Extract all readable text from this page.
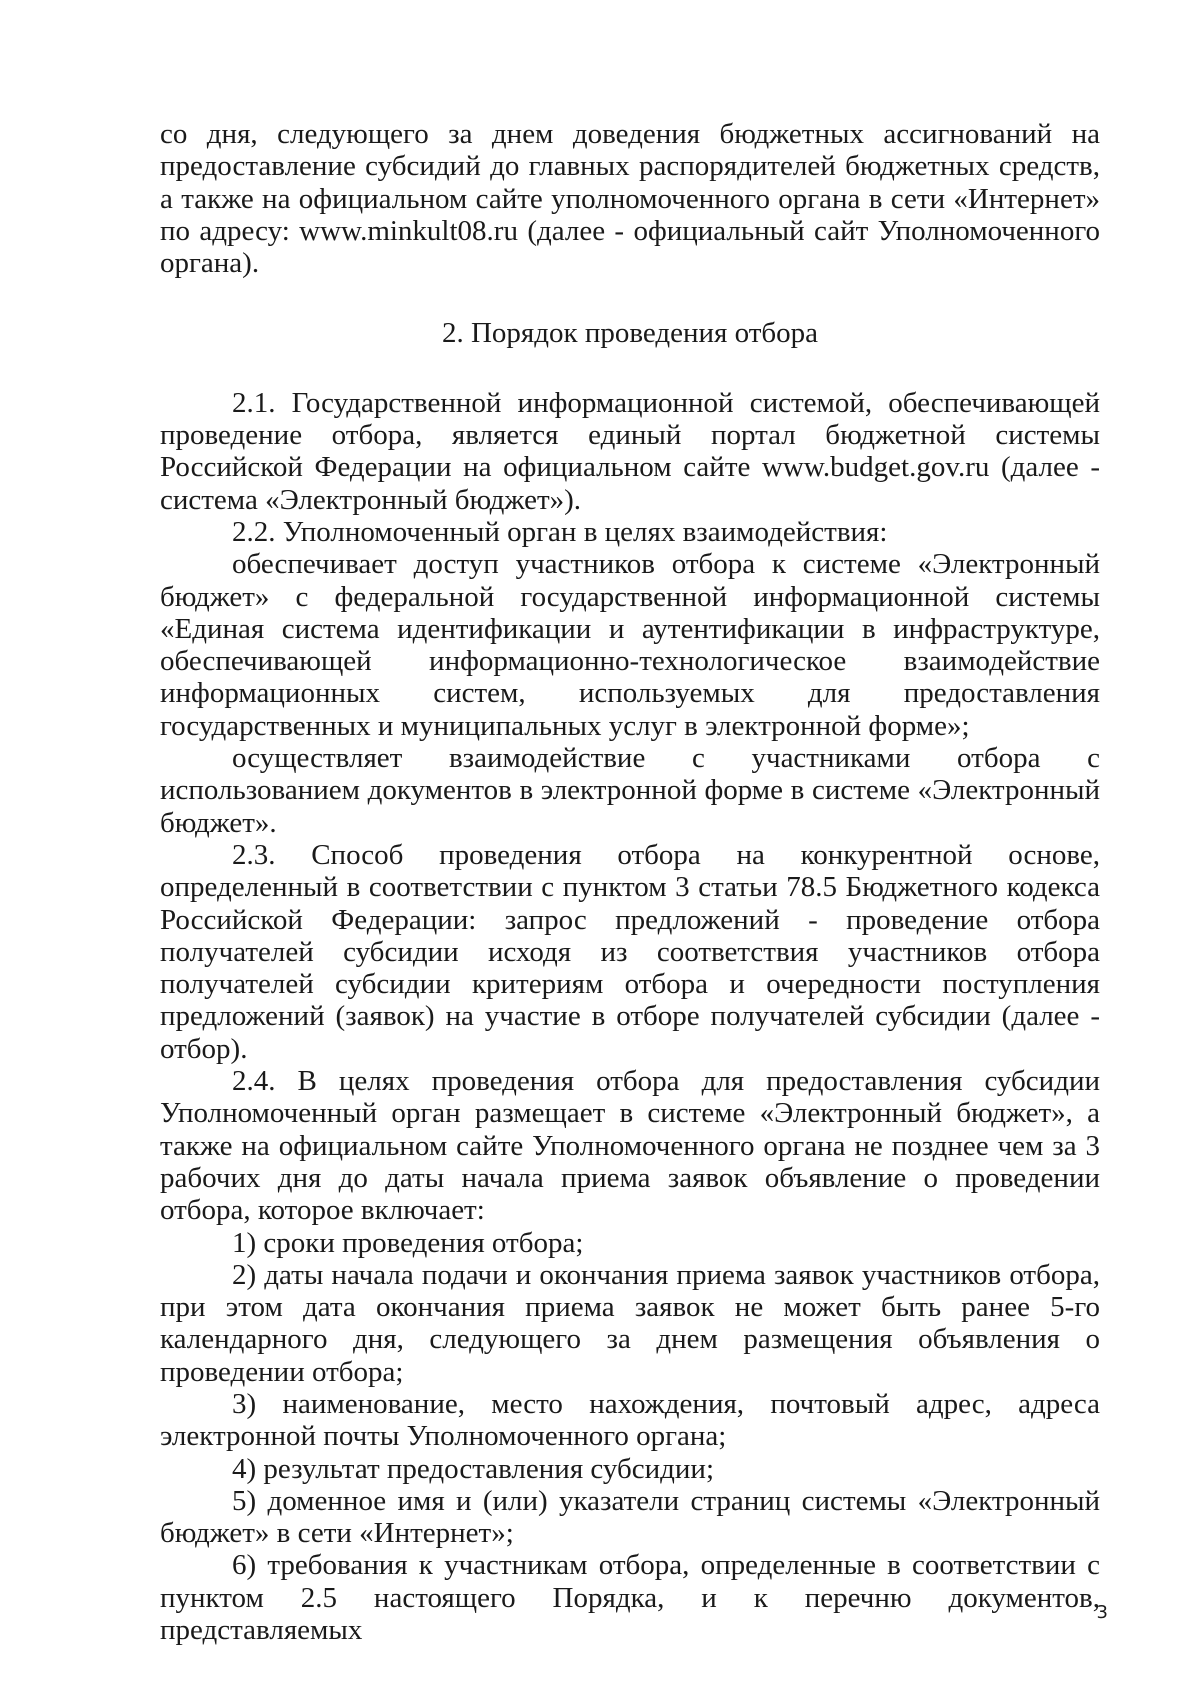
со дня, следующего за днем доведения бюджетных ассигнований на предоставление субсидий до главных распорядителей бюджетных средств, а также на официальном сайте уполномоченного органа в сети «Интернет» по адресу: www.minkult08.ru (далее - официальный сайт Уполномоченного органа).

2. Порядок проведения отбора

2.1. Государственной информационной системой, обеспечивающей проведение отбора, является единый портал бюджетной системы Российской Федерации на официальном сайте www.budget.gov.ru (далее - система «Электронный бюджет»).

2.2. Уполномоченный орган в целях взаимодействия:

обеспечивает доступ участников отбора к системе «Электронный бюджет» с федеральной государственной информационной системы «Единая система идентификации и аутентификации в инфраструктуре, обеспечивающей информационно-технологическое взаимодействие информационных систем, используемых для предоставления государственных и муниципальных услуг в электронной форме»;

осуществляет взаимодействие с участниками отбора с использованием документов в электронной форме в системе «Электронный бюджет».

2.3. Способ проведения отбора на конкурентной основе, определенный в соответствии с пунктом 3 статьи 78.5 Бюджетного кодекса Российской Федерации: запрос предложений - проведение отбора получателей субсидии исходя из соответствия участников отбора получателей субсидии критериям отбора и очередности поступления предложений (заявок) на участие в отборе получателей субсидии (далее - отбор).

2.4. В целях проведения отбора для предоставления субсидии Уполномоченный орган размещает в системе «Электронный бюджет», а также на официальном сайте Уполномоченного органа не позднее чем за 3 рабочих дня до даты начала приема заявок объявление о проведении отбора, которое включает:

1) сроки проведения отбора;

2) даты начала подачи и окончания приема заявок участников отбора, при этом дата окончания приема заявок не может быть ранее 5-го календарного дня, следующего за днем размещения объявления о проведении отбора;

3) наименование, место нахождения, почтовый адрес, адреса электронной почты Уполномоченного органа;

4) результат предоставления субсидии;

5) доменное имя и (или) указатели страниц системы «Электронный бюджет» в сети «Интернет»;

6) требования к участникам отбора, определенные в соответствии с пунктом 2.5 настоящего Порядка, и к перечню документов, представляемых

3
